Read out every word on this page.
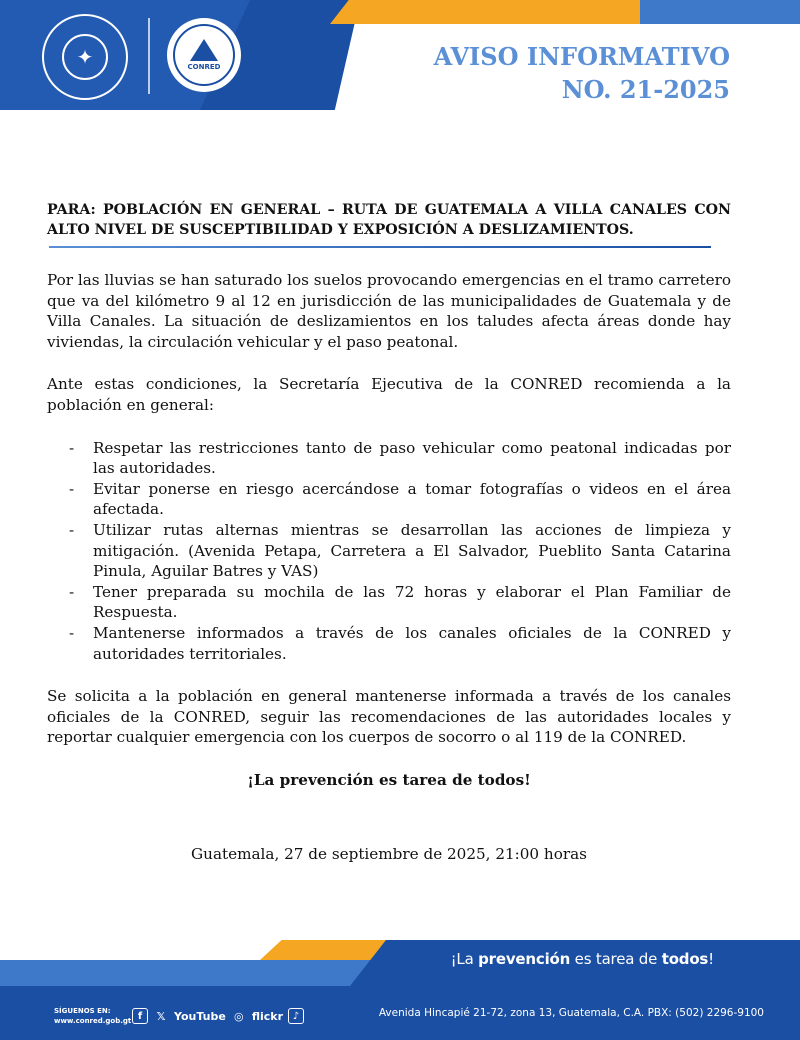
✦	CONRED	AVISO INFORMATIVO
NO. 21-2025
PARA: POBLACIÓN EN GENERAL – RUTA DE GUATEMALA A VILLA CANALES CON ALTO NIVEL DE SUSCEPTIBILIDAD Y EXPOSICIÓN A DESLIZAMIENTOS.

Por las lluvias se han saturado los suelos provocando emergencias en el tramo carretero que va del kilómetro 9 al 12 en jurisdicción de las municipalidades de Guatemala y de Villa Canales. La situación de deslizamientos en los taludes afecta áreas donde hay viviendas, la circulación vehicular y el paso peatonal.

Ante estas condiciones, la Secretaría Ejecutiva de la CONRED recomienda a la población en general:

- Respetar las restricciones tanto de paso vehicular como peatonal indicadas por las autoridades.
- Evitar ponerse en riesgo acercándose a tomar fotografías o videos en el área afectada.
- Utilizar rutas alternas mientras se desarrollan las acciones de limpieza y mitigación. (Avenida Petapa, Carretera a El Salvador, Pueblito Santa Catarina Pinula, Aguilar Batres y VAS)
- Tener preparada su mochila de las 72 horas y elaborar el Plan Familiar de Respuesta.
- Mantenerse informados a través de los canales oficiales de la CONRED y autoridades territoriales.

Se solicita a la población en general mantenerse informada a través de los canales oficiales de la CONRED, seguir las recomendaciones de las autoridades locales y reportar cualquier emergencia con los cuerpos de socorro o al 119 de la CONRED.

¡La prevención es tarea de todos!

Guatemala, 27 de septiembre de 2025, 21:00 horas

¡La prevención es tarea de todos!
SÍGUENOS EN:
www.conred.gob.gt f	𝕏 YouTube ◎ flickr ♪	Avenida Hincapié 21-72, zona 13, Guatemala, C.A. PBX: (502) 2296-9100
